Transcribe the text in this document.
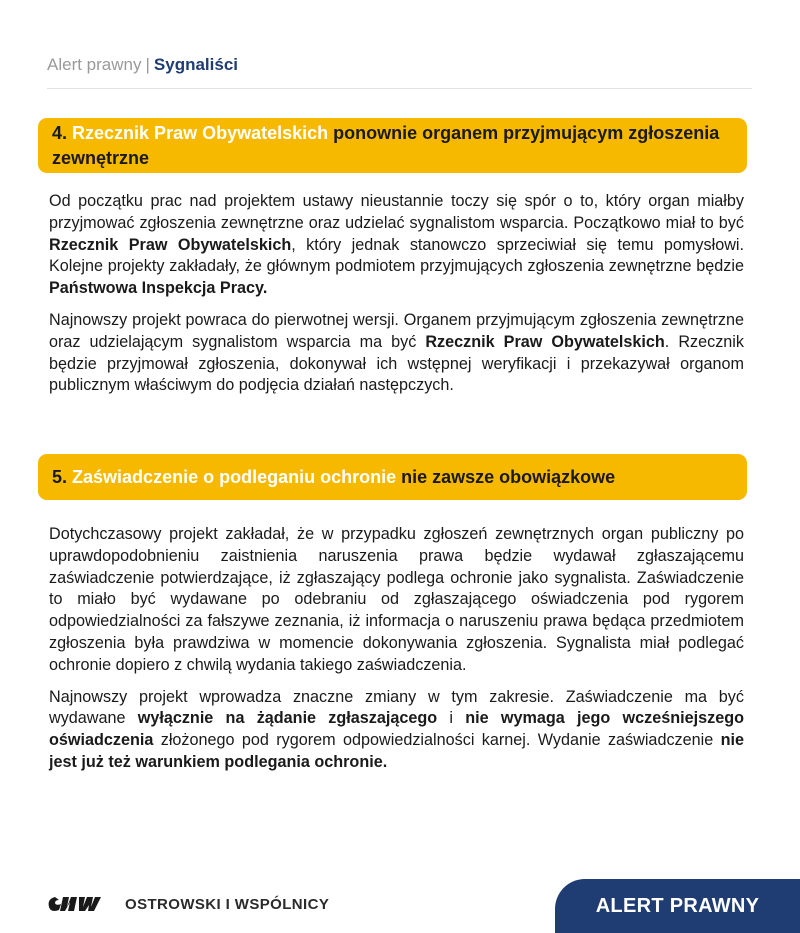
Alert prawny | Sygnaliści
4. Rzecznik Praw Obywatelskich ponownie organem przyjmującym zgłoszenia zewnętrzne

Od początku prac nad projektem ustawy nieustannie toczy się spór o to, który organ miałby przyjmować zgłoszenia zewnętrzne oraz udzielać sygnalistom wsparcia. Początkowo miał to być Rzecznik Praw Obywatelskich, który jednak stanowczo sprzeciwiał się temu pomysłowi. Kolejne projekty zakładały, że głównym podmiotem przyjmujących zgłoszenia zewnętrzne będzie Państwowa Inspekcja Pracy.

Najnowszy projekt powraca do pierwotnej wersji. Organem przyjmującym zgłoszenia zewnętrzne oraz udzielającym sygnalistom wsparcia ma być Rzecznik Praw Obywatelskich. Rzecznik będzie przyjmował zgłoszenia, dokonywał ich wstępnej weryfikacji i przekazywał organom publicznym właściwym do podjęcia działań następczych.

5. Zaświadczenie o podleganiu ochronie nie zawsze obowiązkowe

Dotychczasowy projekt zakładał, że w przypadku zgłoszeń zewnętrznych organ publiczny po uprawdopodobnieniu zaistnienia naruszenia prawa będzie wydawał zgłaszającemu zaświadczenie potwierdzające, iż zgłaszający podlega ochronie jako sygnalista. Zaświadczenie to miało być wydawane po odebraniu od zgłaszającego oświadczenia pod rygorem odpowiedzialności za fałszywe zeznania, iż informacja o naruszeniu prawa będąca przedmiotem zgłoszenia była prawdziwa w momencie dokonywania zgłoszenia. Sygnalista miał podlegać ochronie dopiero z chwilą wydania takiego zaświadczenia.

Najnowszy projekt wprowadza znaczne zmiany w tym zakresie. Zaświadczenie ma być wydawane wyłącznie na żądanie zgłaszającego i nie wymaga jego wcześniejszego oświadczenia złożonego pod rygorem odpowiedzialności karnej. Wydanie zaświadczenie nie jest już też warunkiem podlegania ochronie.

OSTROWSKI I WSPÓLNICY	ALERT PRAWNY
